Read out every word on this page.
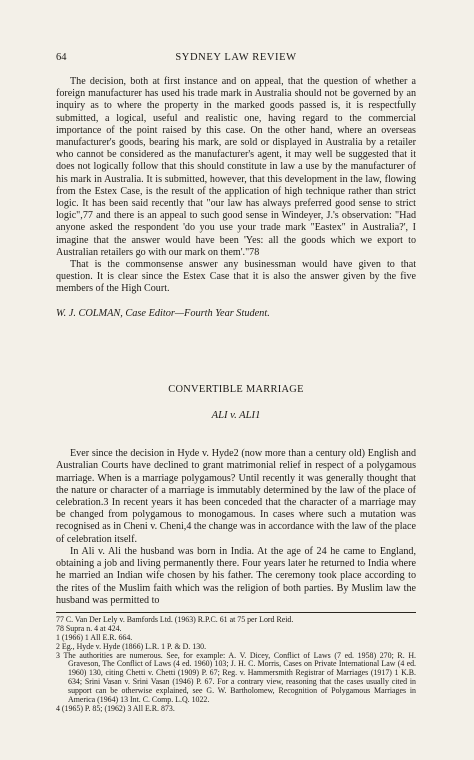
64	SYDNEY LAW REVIEW

The decision, both at first instance and on appeal, that the question of whether a foreign manufacturer has used his trade mark in Australia should not be governed by an inquiry as to where the property in the marked goods passed is, it is respectfully submitted, a logical, useful and realistic one, having regard to the commercial importance of the point raised by this case. On the other hand, where an overseas manufacturer's goods, bearing his mark, are sold or displayed in Australia by a retailer who cannot be considered as the manufacturer's agent, it may well be suggested that it does not logically follow that this should constitute in law a use by the manufacturer of his mark in Australia. It is submitted, however, that this development in the law, flowing from the Estex Case, is the result of the application of high technique rather than strict logic. It has been said recently that "our law has always preferred good sense to strict logic",77 and there is an appeal to such good sense in Windeyer, J.'s observation: "Had anyone asked the respondent 'do you use your trade mark "Eastex" in Australia?', I imagine that the answer would have been 'Yes: all the goods which we export to Australian retailers go with our mark on them'."78

That is the commonsense answer any businessman would have given to that question. It is clear since the Estex Case that it is also the answer given by the five members of the High Court.

W. J. COLMAN, Case Editor—Fourth Year Student.

CONVERTIBLE MARRIAGE
ALI v. ALI1

Ever since the decision in Hyde v. Hyde2 (now more than a century old) English and Australian Courts have declined to grant matrimonial relief in respect of a polygamous marriage. When is a marriage polygamous? Until recently it was generally thought that the nature or character of a marriage is immutably determined by the law of the place of celebration.3 In recent years it has been conceded that the character of a marriage may be changed from polygamous to monogamous. In cases where such a mutation was recognised as in Cheni v. Cheni,4 the change was in accordance with the law of the place of celebration itself.

In Ali v. Ali the husband was born in India. At the age of 24 he came to England, obtaining a job and living permanently there. Four years later he returned to India where he married an Indian wife chosen by his father. The ceremony took place according to the rites of the Muslim faith which was the religion of both parties. By Muslim law the husband was permitted to

77 C. Van Der Lely v. Bamfords Ltd. (1963) R.P.C. 61 at 75 per Lord Reid.

78 Supra n. 4 at 424.

1 (1966) 1 All E.R. 664.

2 Eg., Hyde v. Hyde (1866) L.R. 1 P. & D. 130.

3 The authorities are numerous. See, for example: A. V. Dicey, Conflict of Laws (7 ed. 1958) 270; R. H. Graveson, The Conflict of Laws (4 ed. 1960) 103; J. H. C. Morris, Cases on Private International Law (4 ed. 1960) 130, citing Chetti v. Chetti (1909) P. 67; Reg. v. Hammersmith Registrar of Marriages (1917) 1 K.B. 634; Srini Vasan v. Srini Vasan (1946) P. 67. For a contrary view, reasoning that the cases usually cited in support can be otherwise explained, see G. W. Bartholomew, Recognition of Polygamous Marriages in America (1964) 13 Int. C. Comp. L.Q. 1022.

4 (1965) P. 85; (1962) 3 All E.R. 873.
